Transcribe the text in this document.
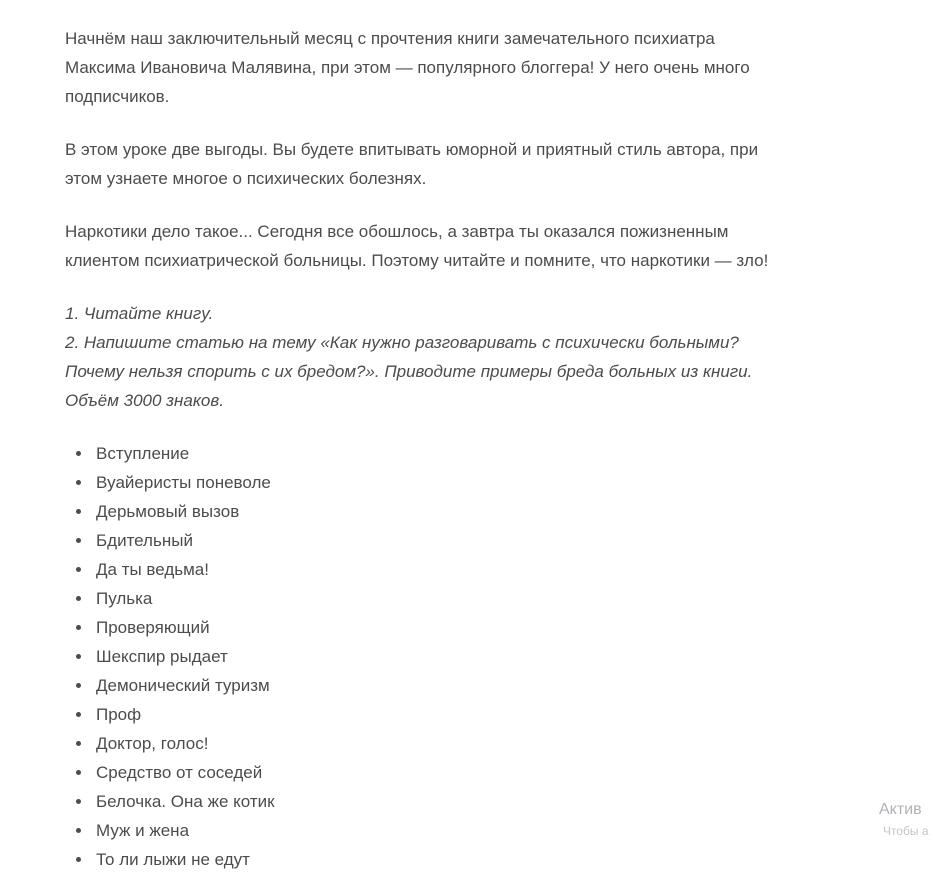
Начнём наш заключительный месяц с прочтения книги замечательного психиатра
Максима Ивановича Малявина, при этом — популярного блоггера! У него очень много
подписчиков.
В этом уроке две выгоды. Вы будете впитывать юморной и приятный стиль автора, при
этом узнаете многое о психических болезнях.
Наркотики дело такое... Сегодня все обошлось, а завтра ты оказался пожизненным
клиентом психиатрической больницы. Поэтому читайте и помните, что наркотики — зло!
1. Читайте книгу.
2. Напишите статью на тему «Как нужно разговаривать с психически больными?
Почему нельзя спорить с их бредом?». Приводите примеры бреда больных из книги.
Объём 3000 знаков.
• Вступление
• Вуайеристы поневоле
• Дерьмовый вызов
• Бдительный
• Да ты ведьма!
• Пулька
• Проверяющий
• Шекспир рыдает
• Демонический туризм
• Проф
• Доктор, голос!
• Средство от соседей
• Белочка. Она же котик
• Муж и жена
• То ли лыжи не едут
Актив
Чтобы а
